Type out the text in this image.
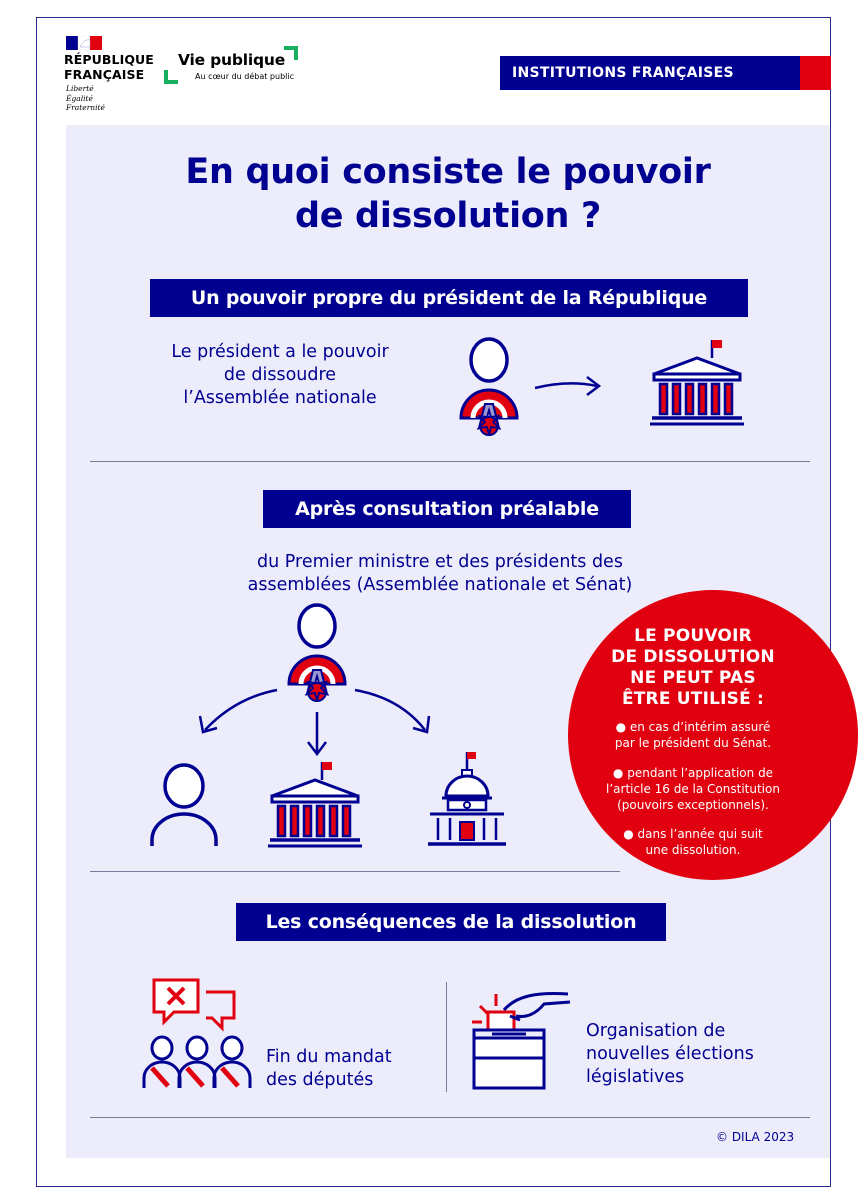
RÉPUBLIQUE
FRANÇAISE
Liberté
Égalité
Fraternité
Vie publique
Au cœur du débat public	INSTITUTIONS FRANÇAISES
En quoi consiste le pouvoir
de dissolution ?
Un pouvoir propre du président de la République
Le président a le pouvoir
de dissoudre
l’Assemblée nationale
Après consultation préalable
du Premier ministre et des présidents des
assemblées (Assemblée nationale et Sénat)
LE POUVOIR
DE DISSOLUTION
NE PEUT PAS
ÊTRE UTILISÉ :
● en cas d’intérim assuré
par le président du Sénat.
● pendant l’application de
l’article 16 de la Constitution
(pouvoirs exceptionnels).
● dans l’année qui suit
une dissolution.
Les conséquences de la dissolution
Fin du mandat
des députés
Organisation de
nouvelles élections
législatives
© DILA 2023
